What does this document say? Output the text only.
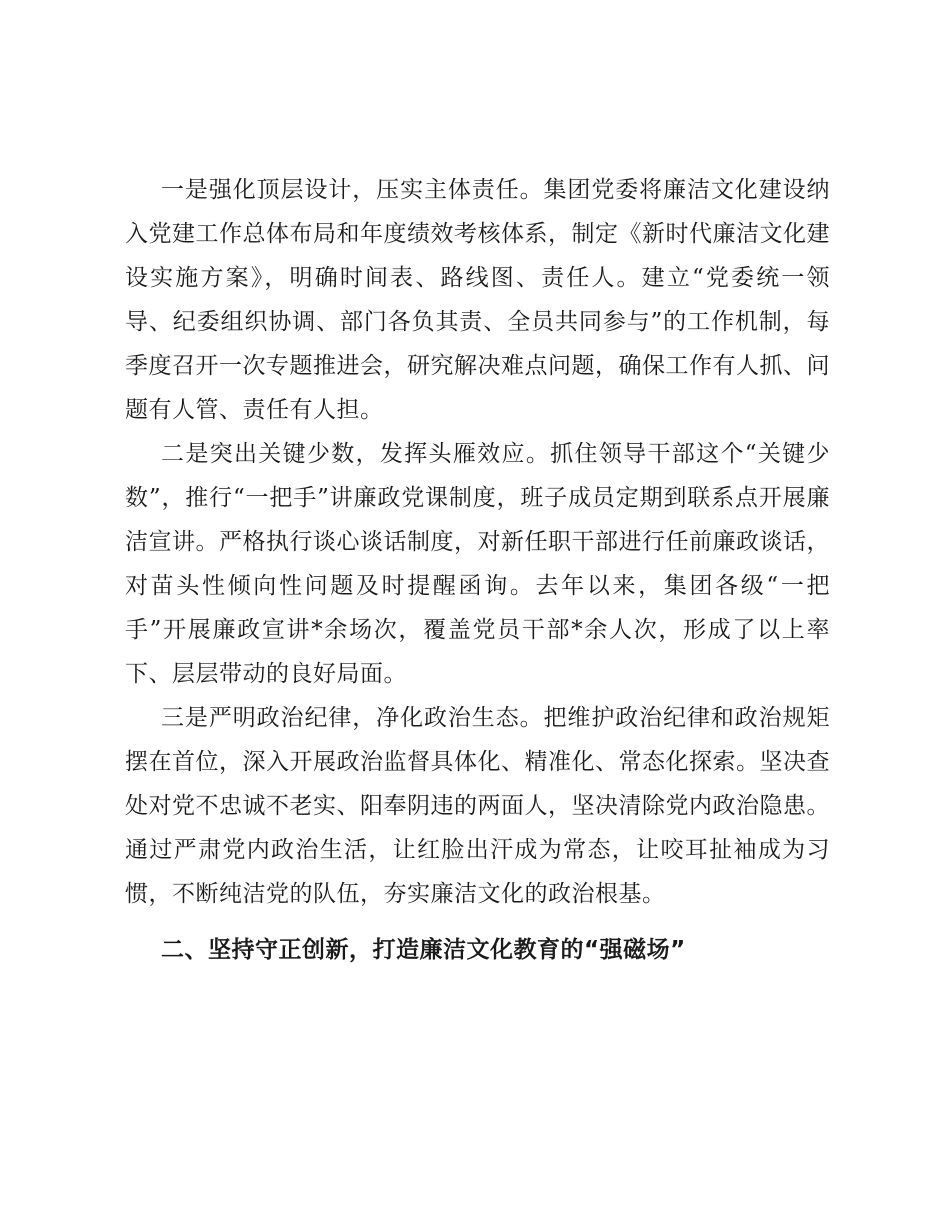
一是强化顶层设计，压实主体责任。集团党委将廉洁文化建设纳入党建工作总体布局和年度绩效考核体系，制定《新时代廉洁文化建设实施方案》，明确时间表、路线图、责任人。建立“党委统一领导、纪委组织协调、部门各负其责、全员共同参与”的工作机制，每季度召开一次专题推进会，研究解决难点问题，确保工作有人抓、问题有人管、责任有人担。

二是突出关键少数，发挥头雁效应。抓住领导干部这个“关键少数”，推行“一把手”讲廉政党课制度，班子成员定期到联系点开展廉洁宣讲。严格执行谈心谈话制度，对新任职干部进行任前廉政谈话，对苗头性倾向性问题及时提醒函询。去年以来，集团各级“一把手”开展廉政宣讲*余场次，覆盖党员干部*余人次，形成了以上率下、层层带动的良好局面。

三是严明政治纪律，净化政治生态。把维护政治纪律和政治规矩摆在首位，深入开展政治监督具体化、精准化、常态化探索。坚决查处对党不忠诚不老实、阳奉阴违的两面人，坚决清除党内政治隐患。通过严肃党内政治生活，让红脸出汗成为常态，让咬耳扯袖成为习惯，不断纯洁党的队伍，夯实廉洁文化的政治根基。

二、坚持守正创新，打造廉洁文化教育的“强磁场”
